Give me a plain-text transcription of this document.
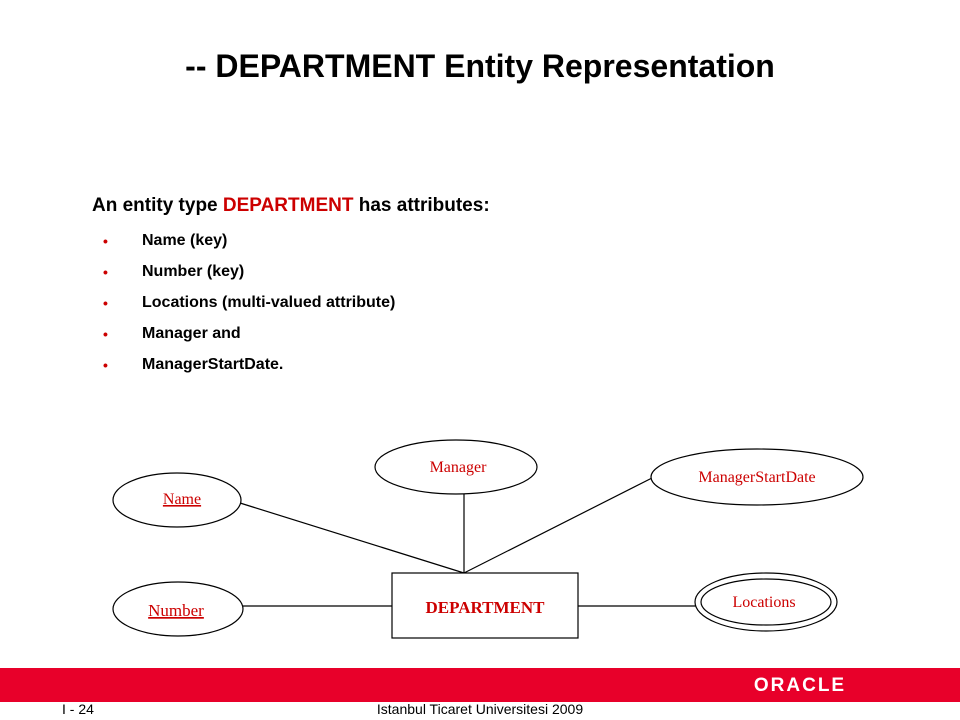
-- DEPARTMENT Entity Representation
An entity type DEPARTMENT has attributes:
• Name (key)
• Number (key)
• Locations (multi-valued attribute)
• Manager and
• ManagerStartDate.
DEPARTMENT
Manager
ManagerStartDate
Name
Number	Locations
ORACLE
I - 24	Istanbul Ticaret Universitesi 2009
